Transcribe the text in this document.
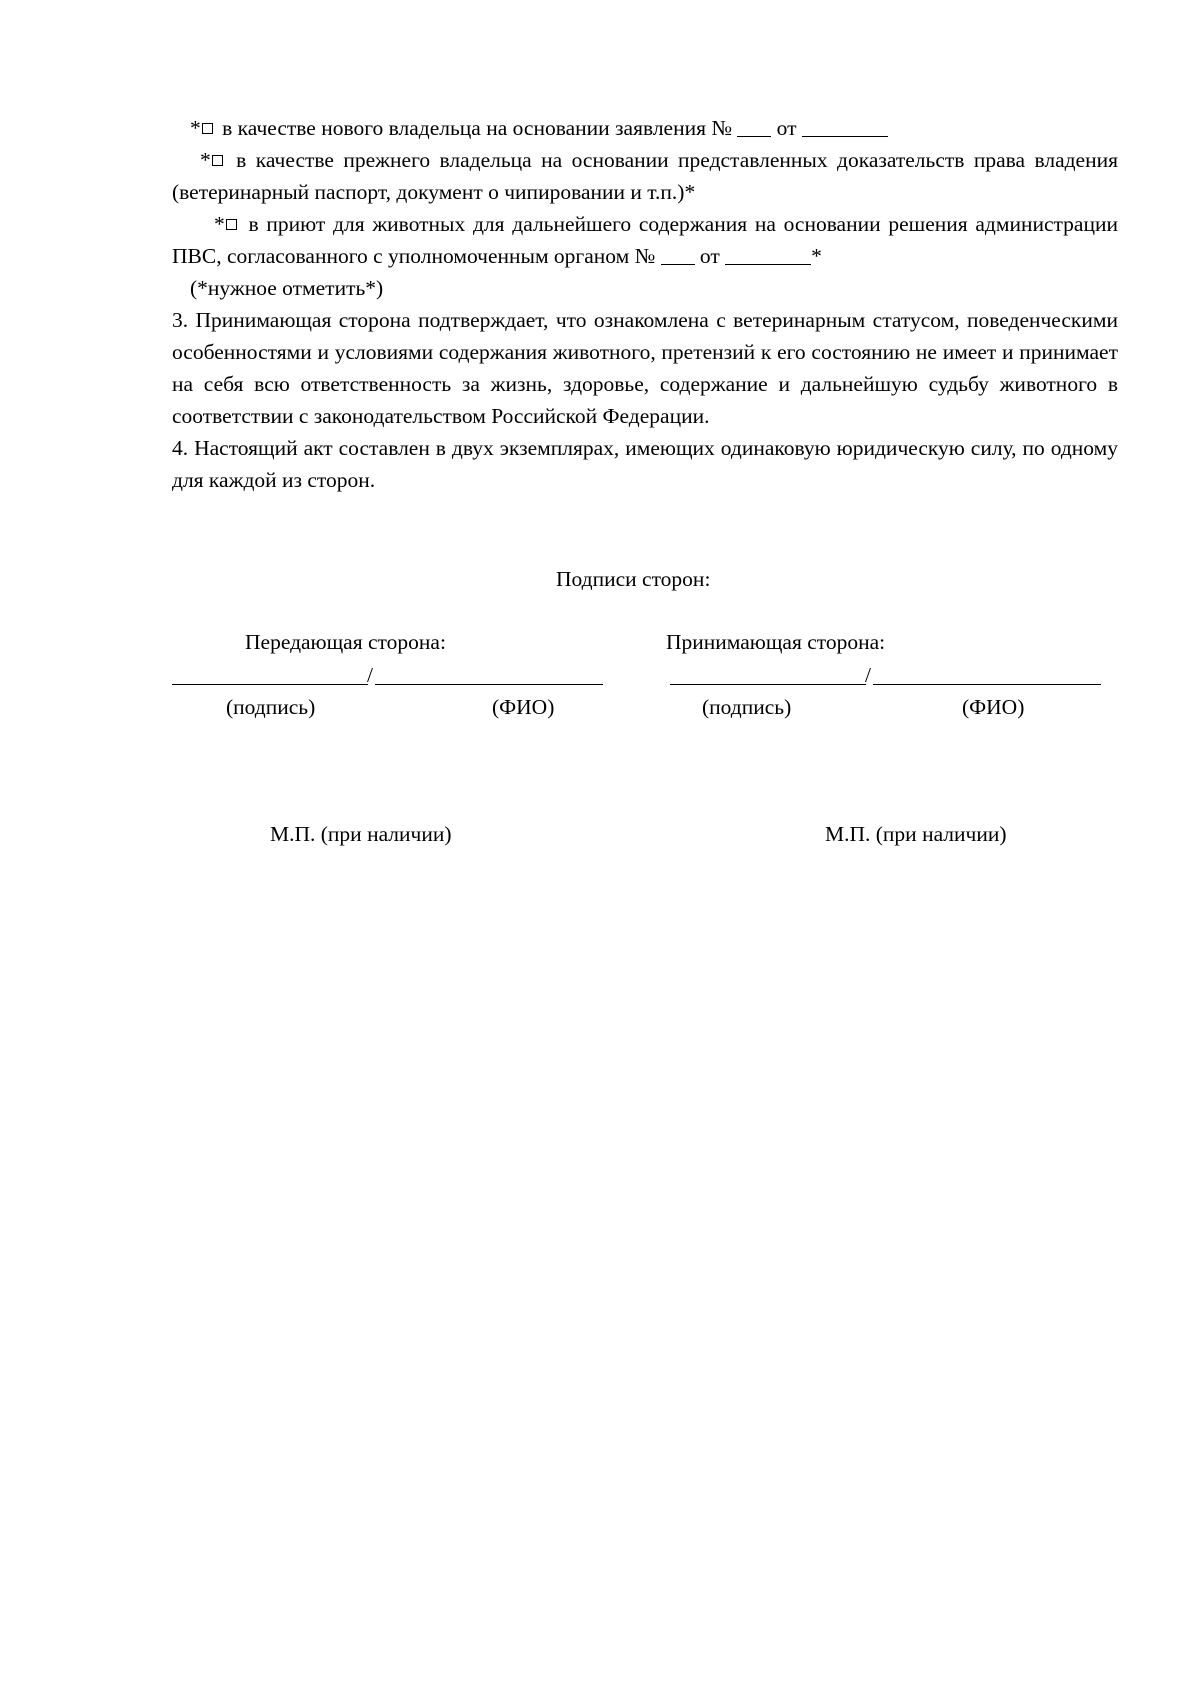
* в качестве нового владельца на основании заявления № от

* в качестве прежнего владельца на основании представленных доказательств права владения (ветеринарный паспорт, документ о чипировании и т.п.)*

* в приют для животных для дальнейшего содержания на основании решения администрации ПВС, согласованного с уполномоченным органом № от	*

(*нужное отметить*)

3. Принимающая сторона подтверждает, что ознакомлена с ветеринарным статусом, поведенческими особенностями и условиями содержания животного, претензий к его состоянию не имеет и принимает на себя всю ответственность за жизнь, здоровье, содержание и дальнейшую судьбу животного в соответствии с законодательством Российской Федерации.

4. Настоящий акт составлен в двух экземплярах, имеющих одинаковую юридическую силу, по одному для каждой из сторон.

Подписи сторон:
Передающая сторона:
/
(подпись)	(ФИО)
М.П. (при наличии)
Принимающая сторона:
/
(подпись)	(ФИО)
М.П. (при наличии)
